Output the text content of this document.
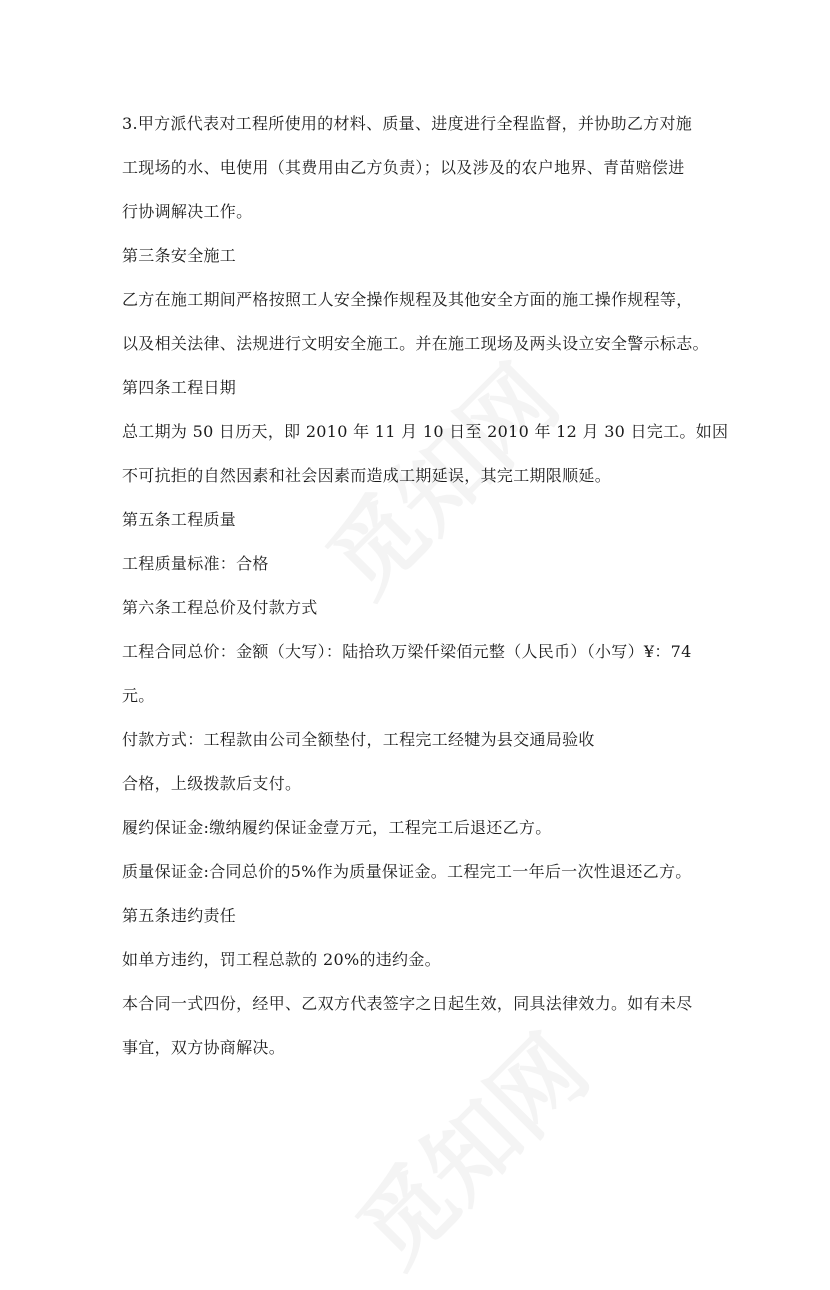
3.甲方派代表对工程所使用的材料、质量、进度进行全程监督，并协助乙方对施
工现场的水、电使用（其费用由乙方负责）；以及涉及的农户地界、青苗赔偿进
行协调解决工作。
第三条安全施工
乙方在施工期间严格按照工人安全操作规程及其他安全方面的施工操作规程等，
以及相关法律、法规进行文明安全施工。并在施工现场及两头设立安全警示标志。
第四条工程日期
总工期为 50 日历天，即 2010 年 11 月 10 日至 2010 年 12 月 30 日完工。如因
不可抗拒的自然因素和社会因素而造成工期延误，其完工期限顺延。
第五条工程质量
工程质量标准：合格
第六条工程总价及付款方式
工程合同总价：金额（大写）：陆拾玖万梁仟梁佰元整（人民币）（小写）¥：74
元。
付款方式：工程款由公司全额垫付，工程完工经犍为县交通局验收
合格，上级拨款后支付。
履约保证金:缴纳履约保证金壹万元，工程完工后退还乙方。
质量保证金:合同总价的5%作为质量保证金。工程完工一年后一次性退还乙方。
第五条违约责任
如单方违约，罚工程总款的 20%的违约金。
本合同一式四份，经甲、乙双方代表签字之日起生效，同具法律效力。如有未尽
事宜，双方协商解决。
